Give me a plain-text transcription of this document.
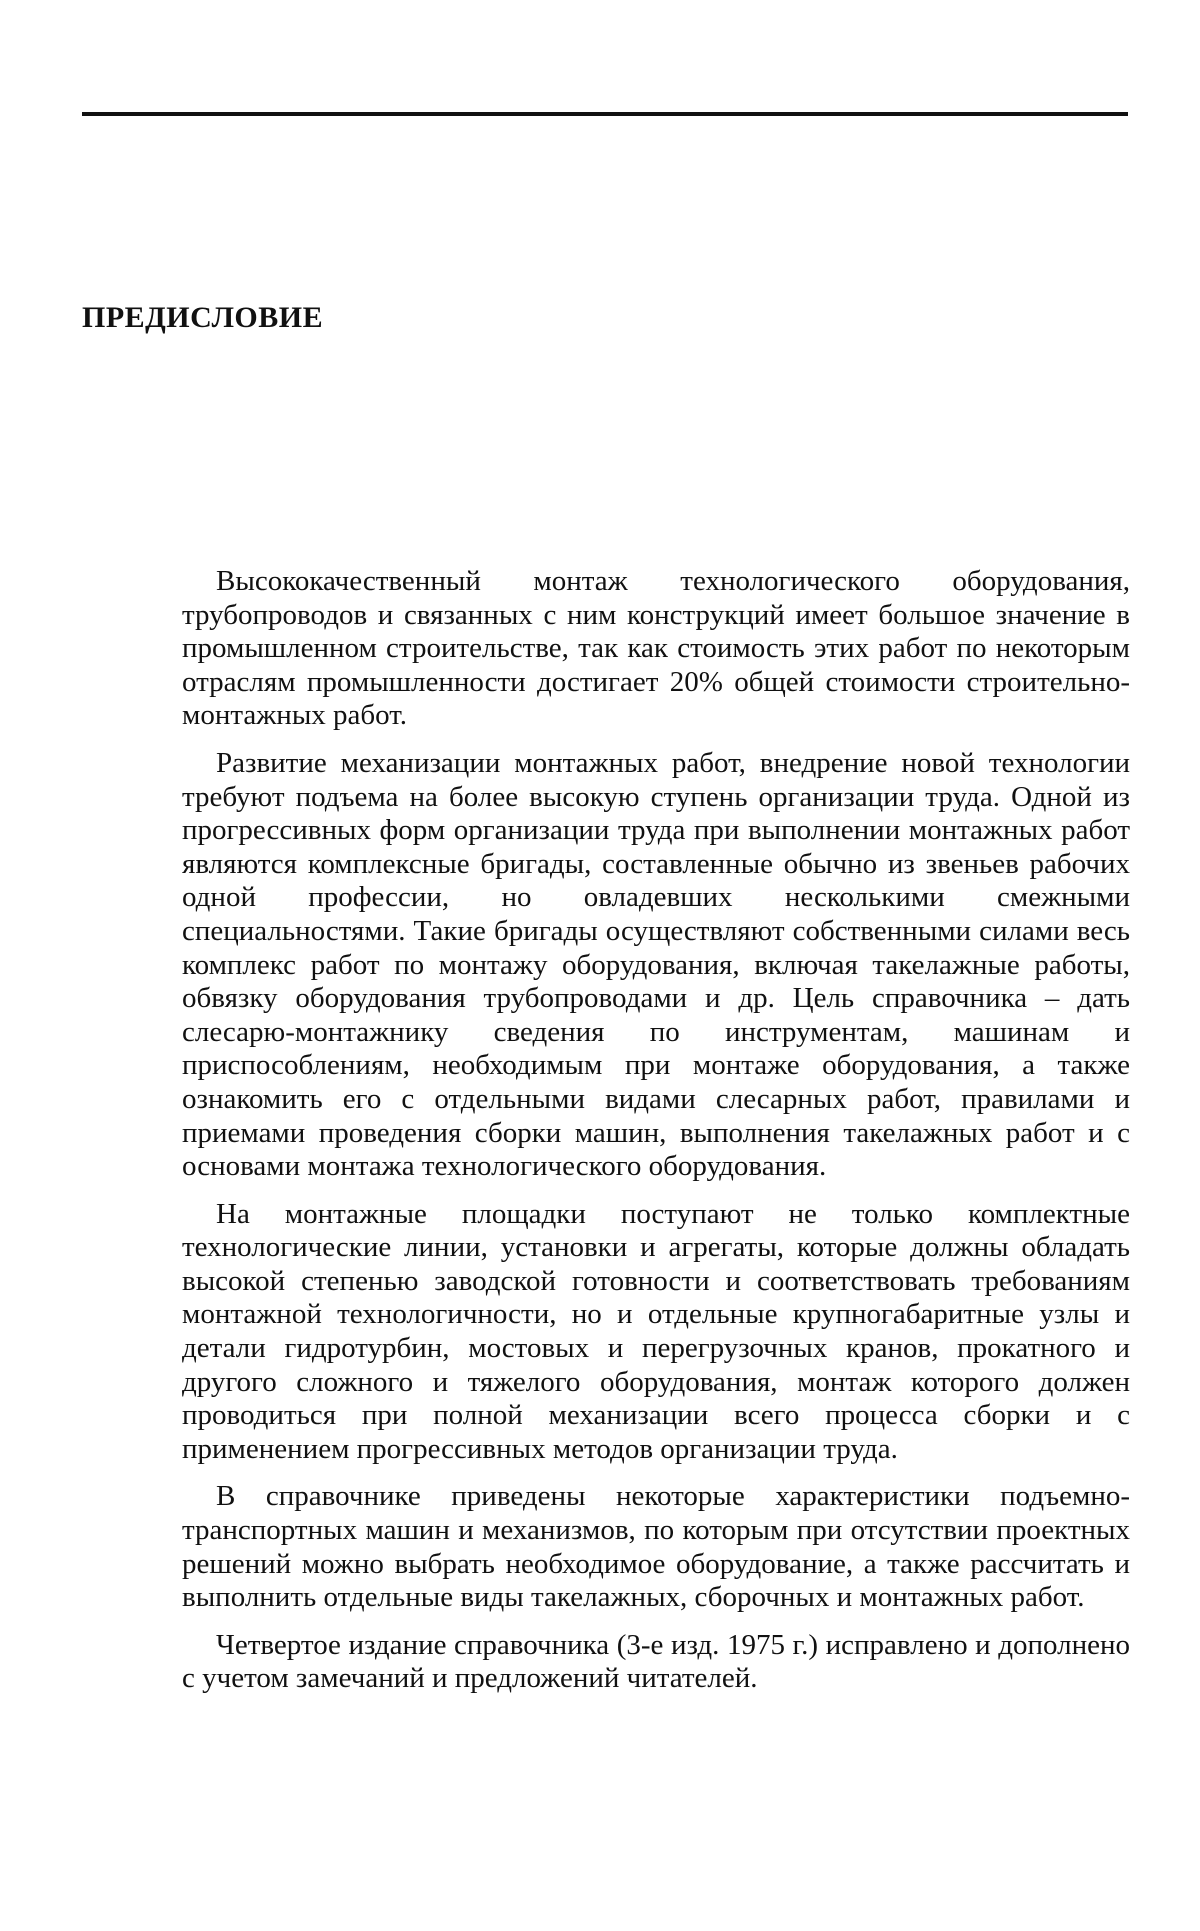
ПРЕДИСЛОВИЕ

Высококачественный монтаж технологического оборудования, трубопроводов и связанных с ним конструкций имеет большое значение в промышленном строительстве, так как стоимость этих работ по некоторым отраслям промышленности достигает 20% общей стоимости строительно-монтажных работ.

Развитие механизации монтажных работ, внедрение новой технологии требуют подъема на более высокую ступень организации труда. Одной из прогрессивных форм организации труда при выполнении монтажных работ являются комплексные бригады, составленные обычно из звеньев рабочих одной профессии, но овладевших несколькими смежными специальностями. Такие бригады осуществляют собственными силами весь комплекс работ по монтажу оборудования, включая такелажные работы, обвязку оборудования трубопроводами и др. Цель справочника – дать слесарю-монтажнику сведения по инструментам, машинам и приспособлениям, необходимым при монтаже оборудования, а также ознакомить его с отдельными видами слесарных работ, правилами и приемами проведения сборки машин, выполнения такелажных работ и с основами монтажа технологического оборудования.

На монтажные площадки поступают не только комплектные технологические линии, установки и агрегаты, которые должны обладать высокой степенью заводской готовности и соответствовать требованиям монтажной технологичности, но и отдельные крупногабаритные узлы и детали гидротурбин, мостовых и перегрузочных кранов, прокатного и другого сложного и тяжелого оборудования, монтаж которого должен проводиться при полной механизации всего процесса сборки и с применением прогрессивных методов организации труда.

В справочнике приведены некоторые характеристики подъемно-транспортных машин и механизмов, по которым при отсутствии проектных решений можно выбрать необходимое оборудование, а также рассчитать и выполнить отдельные виды такелажных, сборочных и монтажных работ.

Четвертое издание справочника (3-е изд. 1975 г.) исправлено и дополнено с учетом замечаний и предложений читателей.
